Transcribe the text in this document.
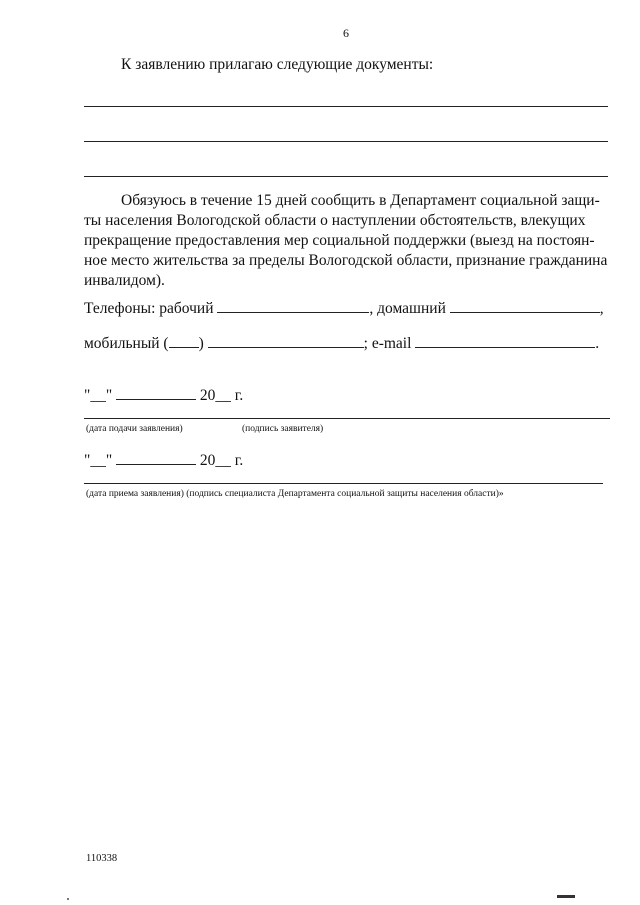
6
К заявлению прилагаю следующие документы:
Обязуюсь в течение 15 дней сообщить в Департамент социальной защи-
ты населения Вологодской области о наступлении обстоятельств, влекущих
прекращение предоставления мер социальной поддержки (выезд на постоян-
ное место жительства за пределы Вологодской области, признание гражданина
инвалидом).
Телефоны: рабочий	, домашний	,
мобильный ( )	; e-mail	.
"__"	20__ г.
(дата подачи заявления)	(подпись заявителя)
"__"	20__ г.
(дата приема заявления) (подпись специалиста Департамента социальной защиты населения области)»
110338
